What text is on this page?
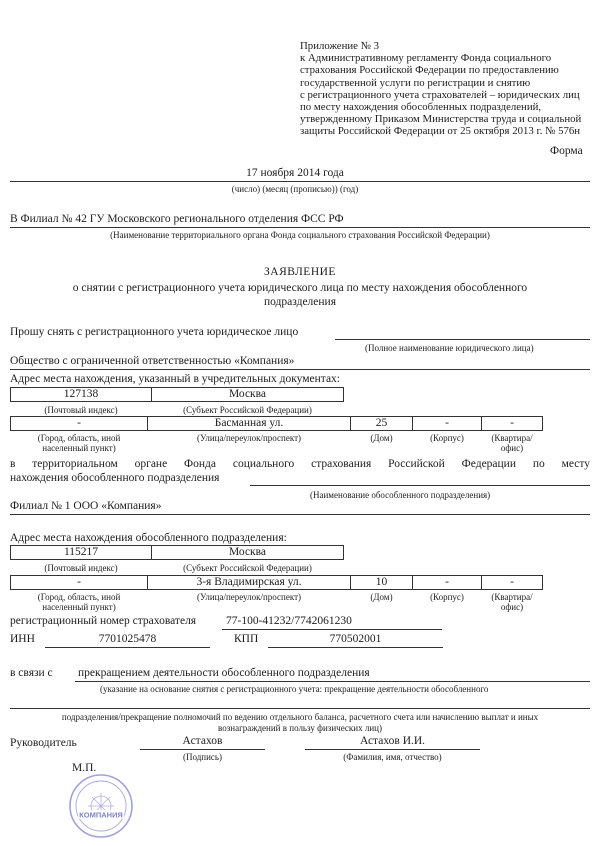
Приложение № 3
к Административному регламенту Фонда социального
страхования Российской Федерации по предоставлению
государственной услуги по регистрации и снятию
с регистрационного учета страхователей – юридических лиц
по месту нахождения обособленных подразделений,
утвержденному Приказом Министерства труда и социальной
защиты Российской Федерации от 25 октября 2013 г. № 576н
Форма
17 ноября 2014 года
(число) (месяц (прописью)) (год)
В Филиал № 42 ГУ Московского регионального отделения ФСС РФ
(Наименование территориального органа Фонда социального страхования Российской Федерации)
ЗАЯВЛЕНИЕ
о снятии с регистрационного учета юридического лица по месту нахождения обособленного
подразделения
Прошу снять с регистрационного учета юридическое лицо
(Полное наименование юридического лица)
Общество с ограниченной ответственностью «Компания»
Адрес места нахождения, указанный в учредительных документах:
127138	Москва
(Почтовый индекс)	(Субъект Российской Федерации)
-	Басманная ул.	25	-	-
(Город, область, иной
населенный пункт)
(Улица/переулок/проспект)	(Дом)	(Корпус)	(Квартира/
офис)
в территориальном органе Фонда социального страхования Российской Федерации по месту
нахождения обособленного подразделения
(Наименование обособленного подразделения)
Филиал № 1 ООО «Компания»
Адрес места нахождения обособленного подразделения:
115217	Москва
(Почтовый индекс)	(Субъект Российской Федерации)
-	3-я Владимирская ул.	10	-	-
(Город, область, иной
населенный пункт)
(Улица/переулок/проспект)	(Дом)	(Корпус)	(Квартира/
офис)
регистрационный номер страхователя	77-100-41232/7742061230
ИНН	7701025478	КПП	770502001
в связи с прекращением деятельности обособленного подразделения
(указание на основание снятия с регистрационного учета: прекращение деятельности обособленного
подразделения/прекращение полномочий по ведению отдельного баланса, расчетного счета или начислению выплат и иных
вознаграждений в пользу физических лиц)
Руководитель	Астахов
(Подпись)
Астахов И.И.
(Фамилия, имя, отчество)
М.П.
КОМПАНИЯ
